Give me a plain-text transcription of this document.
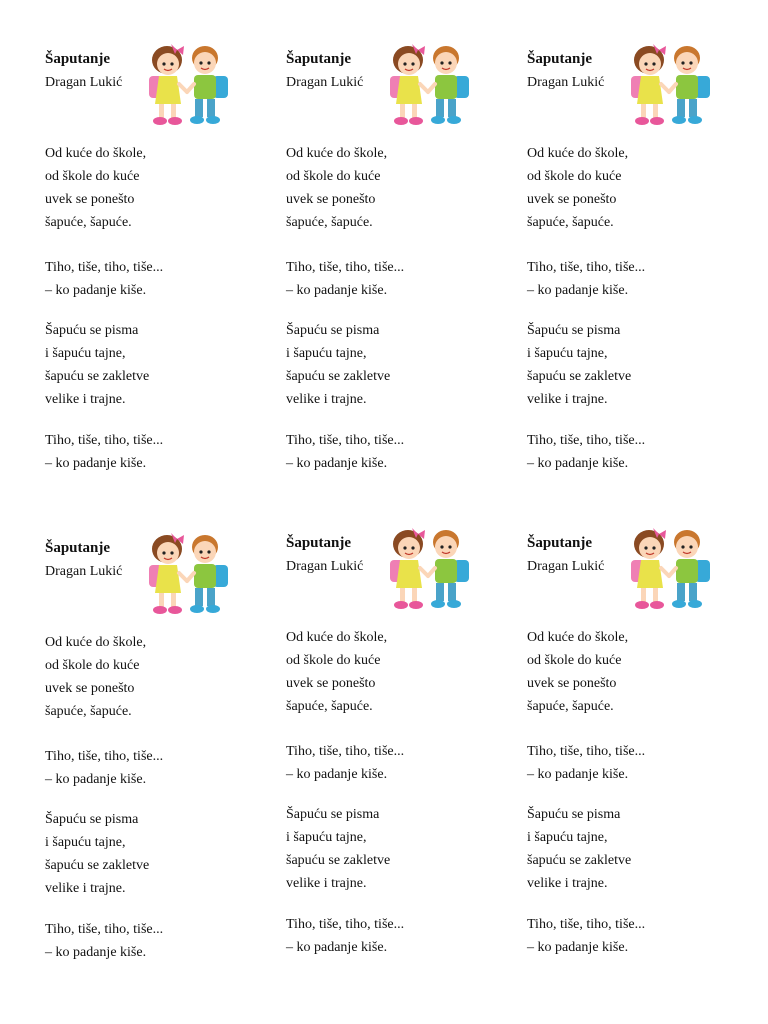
Šaputanje
Dragan Lukić
Od kuće do škole,
od škole do kuće
uvek se ponešto
šapuće, šapuće.
Tiho, tiše, tiho, tiše...
– ko padanje kiše.
Šapuću se pisma
i šapuću tajne,
šapuću se zakletve
velike i trajne.
Tiho, tiše, tiho, tiše...
– ko padanje kiše.
Šaputanje
Dragan Lukić
Od kuće do škole,
od škole do kuće
uvek se ponešto
šapuće, šapuće.
Tiho, tiše, tiho, tiše...
– ko padanje kiše.
Šapuću se pisma
i šapuću tajne,
šapuću se zakletve
velike i trajne.
Tiho, tiše, tiho, tiše...
– ko padanje kiše.
Šaputanje
Dragan Lukić
Od kuće do škole,
od škole do kuće
uvek se ponešto
šapuće, šapuće.
Tiho, tiše, tiho, tiše...
– ko padanje kiše.
Šapuću se pisma
i šapuću tajne,
šapuću se zakletve
velike i trajne.
Tiho, tiše, tiho, tiše...
– ko padanje kiše.
Šaputanje
Dragan Lukić
Od kuće do škole,
od škole do kuće
uvek se ponešto
šapuće, šapuće.
Tiho, tiše, tiho, tiše...
– ko padanje kiše.
Šapuću se pisma
i šapuću tajne,
šapuću se zakletve
velike i trajne.
Tiho, tiše, tiho, tiše...
– ko padanje kiše.
Šaputanje
Dragan Lukić
Od kuće do škole,
od škole do kuće
uvek se ponešto
šapuće, šapuće.
Tiho, tiše, tiho, tiše...
– ko padanje kiše.
Šapuću se pisma
i šapuću tajne,
šapuću se zakletve
velike i trajne.
Tiho, tiše, tiho, tiše...
– ko padanje kiše.
Šaputanje
Dragan Lukić
Od kuće do škole,
od škole do kuće
uvek se ponešto
šapuće, šapuće.
Tiho, tiše, tiho, tiše...
– ko padanje kiše.
Šapuću se pisma
i šapuću tajne,
šapuću se zakletve
velike i trajne.
Tiho, tiše, tiho, tiše...
– ko padanje kiše.
